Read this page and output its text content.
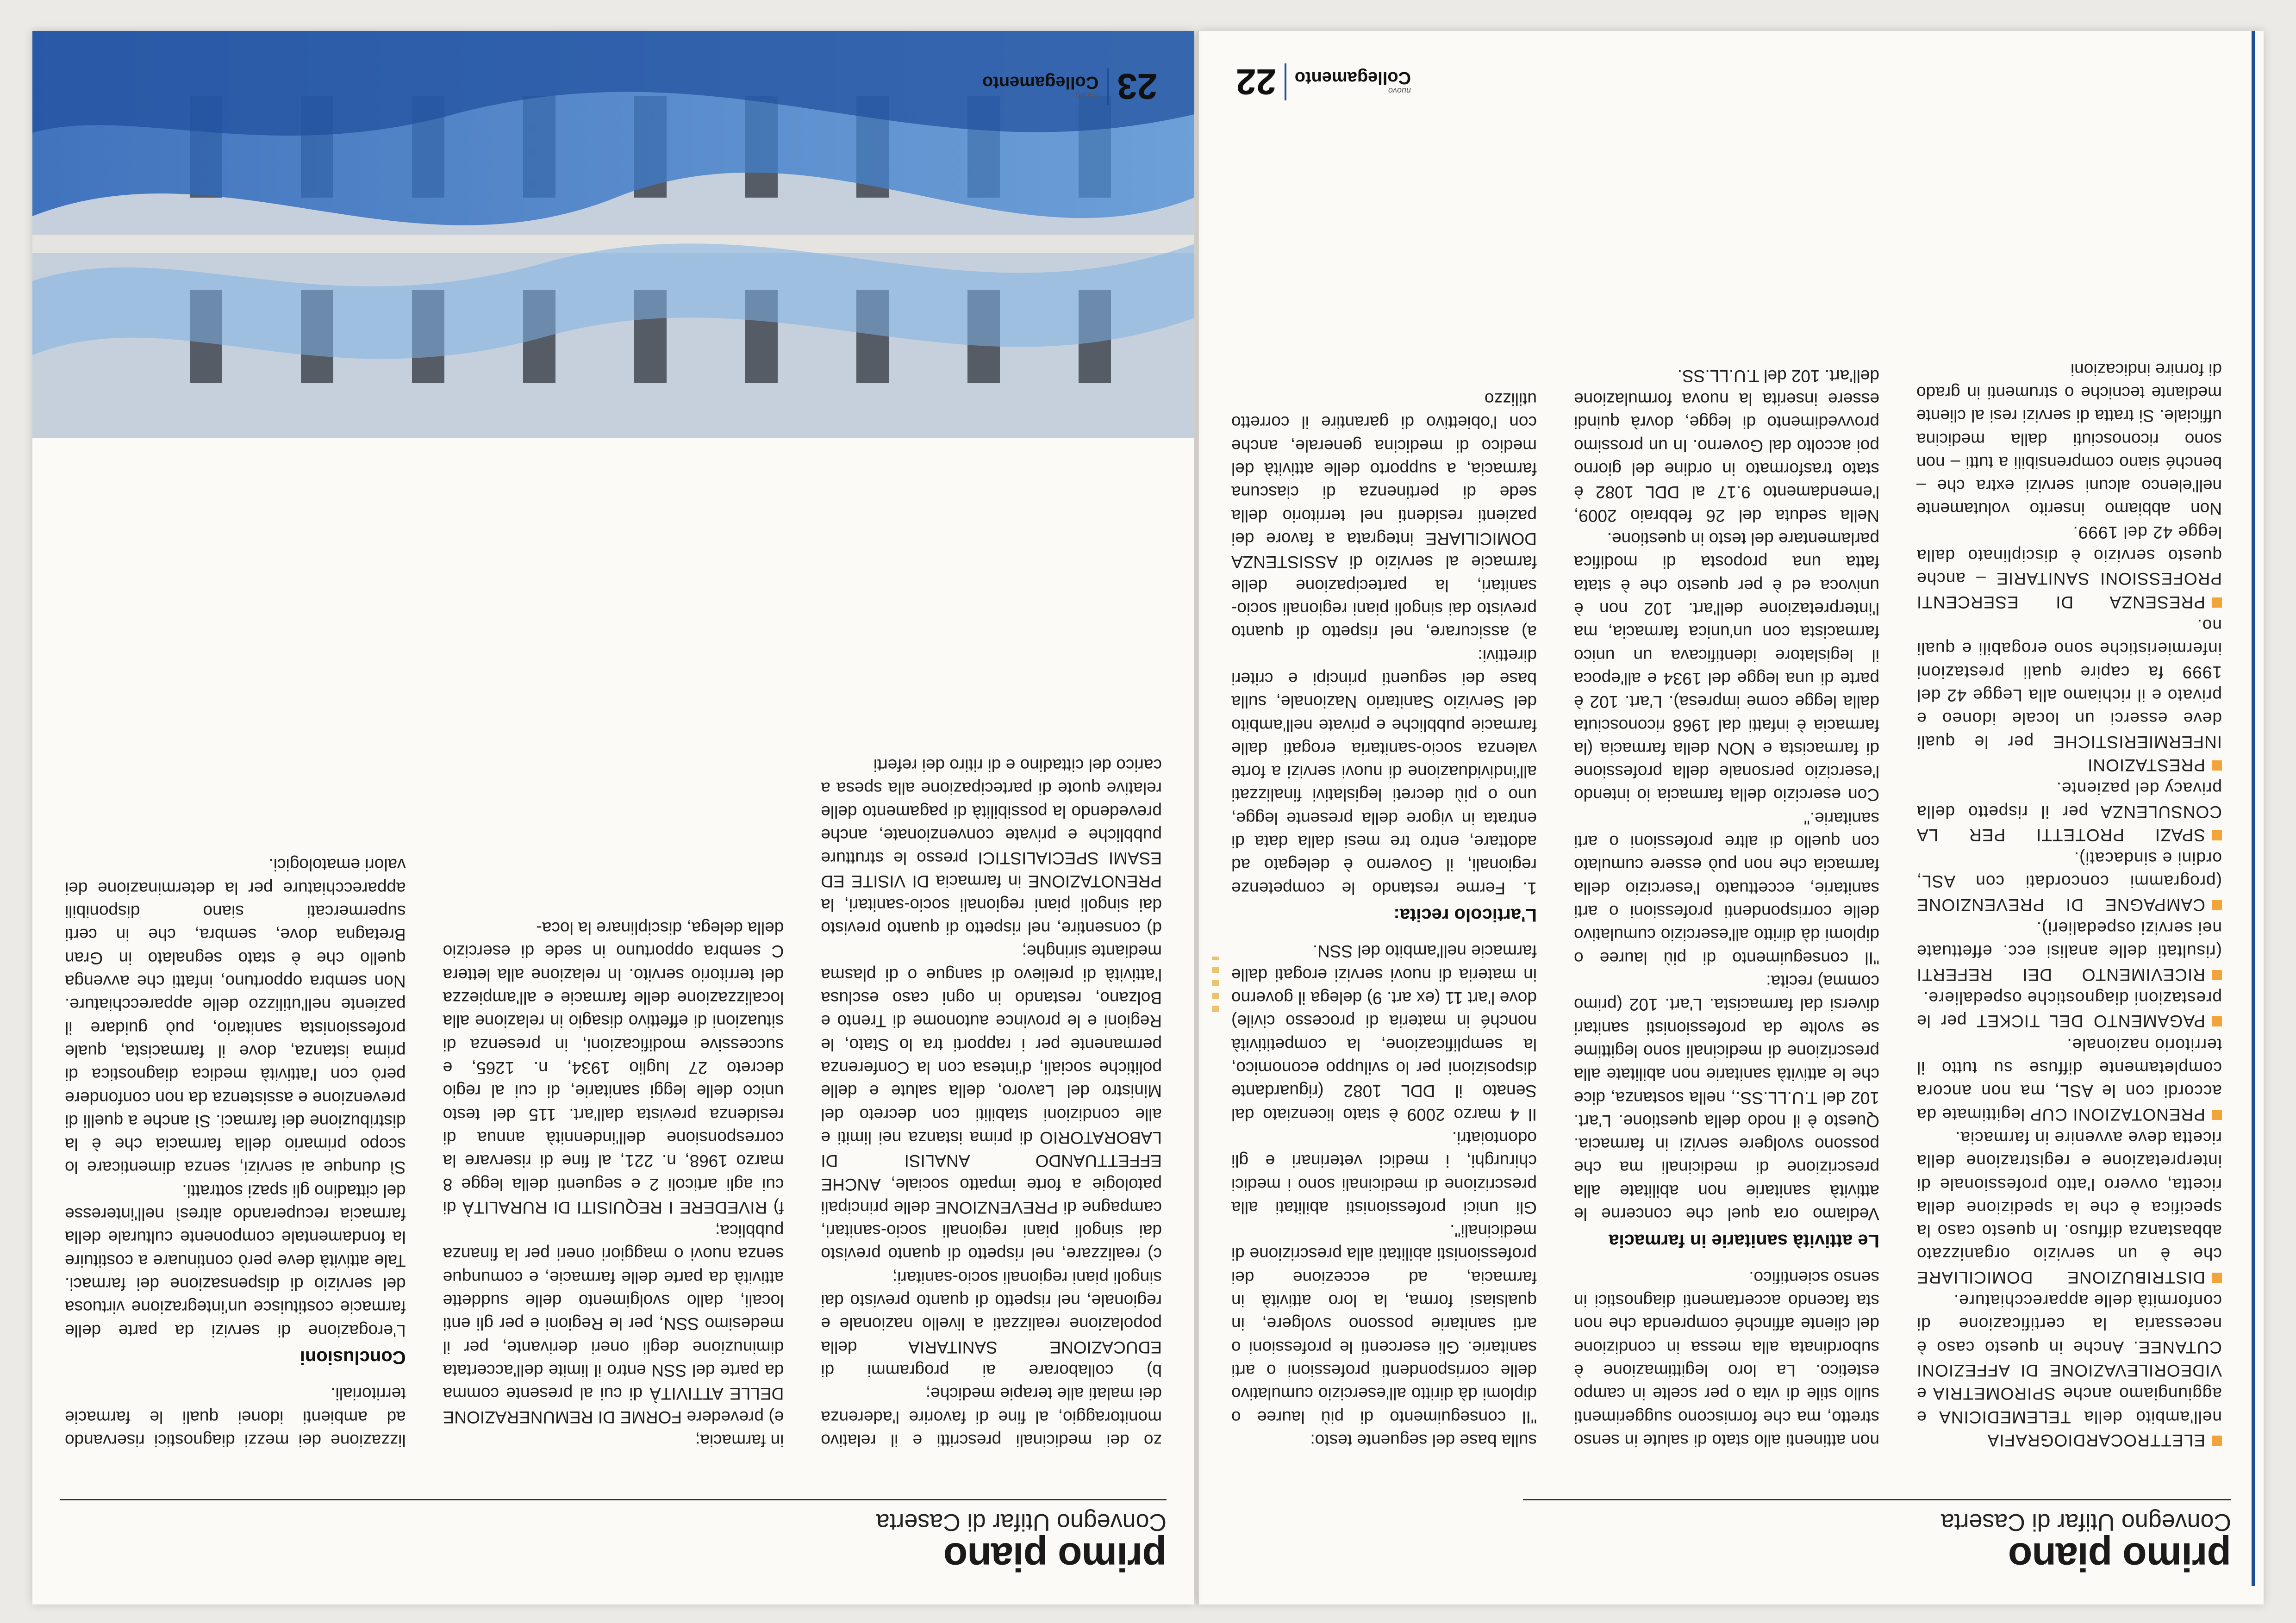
primo piano
Convegno Utifar di Caserta

ELETTROCARDIOGRAFIA nell'ambito della TELEMEDICINA e aggiungiamo anche SPIROMETRIA e VIDEORILEVAZIONE DI AFFEZIONI CUTANEE. Anche in questo caso è necessaria la certificazione di conformità delle apparecchiature.

DISTRIBUZIONE DOMICILIARE che è un servizio organizzato abbastanza diffuso. In questo caso la specifica è che la spedizione della ricetta, ovvero l'atto professionale di interpretazione e registrazione della ricetta deve avvenire in farmacia.

PRENOTAZIONI CUP legittimate da accordi con le ASL, ma non ancora completamente diffuse su tutto il territorio nazionale.

PAGAMENTO DEL TICKET per le prestazioni diagnostiche ospedaliere.

RICEVIMENTO DEI REFERTI (risultati delle analisi ecc. effettuate nei servizi ospedalieri).

CAMPAGNE DI PREVENZIONE (programmi concordati con ASL, ordini e sindacati).

SPAZI PROTETTI PER LA CONSULENZA per il rispetto della privacy del paziente.

PRESTAZIONI INFERMIERISTICHE per le quali deve esserci un locale idoneo e privato e il richiamo alla Legge 42 del 1999 fa capire quali prestazioni infermieristiche sono erogabili e quali no.

PRESENZA DI ESERCENTI PROFESSIONI SANITARIE – anche questo servizio è disciplinato dalla legge 42 del 1999.

Non abbiamo inserito volutamente nell'elenco alcuni servizi extra che – benché siano comprensibili a tutti – non sono riconosciuti dalla medicina ufficiale. Si tratta di servizi resi al cliente mediante tecniche o strumenti in grado di fornire indicazioni

non attinenti allo stato di salute in senso stretto, ma che forniscono suggerimenti sullo stile di vita o per scelte in campo estetico. La loro legittimazione è subordinata alla messa in condizione del cliente affinché comprenda che non sta facendo accertamenti diagnostici in senso scientifico.

Le attività sanitarie in farmacia

Vediamo ora quel che concerne le attività sanitarie non abilitate alla prescrizione di medicinali ma che possono svolgere servizi in farmacia. Questo è il nodo della questione. L'art. 102 del T.U.LL.SS., nella sostanza, dice che le attività sanitarie non abilitate alla prescrizione di medicinali sono legittime se svolte da professionisti sanitari diversi dal farmacista. L'art. 102 (primo comma) recita:

"Il conseguimento di più lauree o diplomi dà diritto all'esercizio cumulativo delle corrispondenti professioni o arti sanitarie, eccettuato l'esercizio della farmacia che non può essere cumulato con quello di altre professioni o arti sanitarie."

Con esercizio della farmacia io intendo l'esercizio personale della professione di farmacista e NON della farmacia (la farmacia è infatti dal 1968 riconosciuta dalla legge come impresa). L'art. 102 è parte di una legge del 1934 e all'epoca il legislatore identificava un unico farmacista con un'unica farmacia, ma l'interpretazione dell'art. 102 non è univoca ed è per questo che è stata fatta una proposta di modifica parlamentare del testo in questione.

Nella seduta del 26 febbraio 2009, l'emendamento 9.17 al DDL 1082 è stato trasformato in ordine del giorno poi accolto dal Governo. In un prossimo provvedimento di legge, dovrà quindi essere inserita la nuova formulazione dell'art. 102 del T.U.LL.SS.

sulla base del seguente testo:

"Il conseguimento di più lauree o diplomi dà diritto all'esercizio cumulativo delle corrispondenti professioni o arti sanitarie. Gli esercenti le professioni o arti sanitarie possono svolgere, in qualsiasi forma, la loro attività in farmacia, ad eccezione dei professionisti abilitati alla prescrizione di medicinali".

Gli unici professionisti abilitati alla prescrizione di medicinali sono i medici chirurghi, i medici veterinari e gli odontoiatri.

Il 4 marzo 2009 è stato licenziato dal Senato il DDL 1082 (riguardante disposizioni per lo sviluppo economico, la semplificazione, la competitività nonché in materia di processo civile) dove l'art 11 (ex art. 9) delega il governo in materia di nuovi servizi erogati dalle farmacie nell'ambito del SSN.

L'articolo recita:

1. Ferme restando le competenze regionali, il Governo è delegato ad adottare, entro tre mesi dalla data di entrata in vigore della presente legge, uno o più decreti legislativi finalizzati all'individuazione di nuovi servizi a forte valenza socio-sanitaria erogati dalle farmacie pubbliche e private nell'ambito del Servizio Sanitario Nazionale, sulla base dei seguenti principi e criteri direttivi:

a) assicurare, nel rispetto di quanto previsto dai singoli piani regionali socio-sanitari, la partecipazione delle farmacie al servizio di ASSISTENZA DOMICILIARE integrata a favore dei pazienti residenti nel territorio della sede di pertinenza di ciascuna farmacia, a supporto delle attività del medico di medicina generale, anche con l'obiettivo di garantire il corretto utilizzo

nuovo
Collegamento
22
primo piano
Convegno Utifar di Caserta

zo dei medicinali prescritti e il relativo monitoraggio, al fine di favorire l'aderenza dei malati alle terapie mediche;

b) collaborare ai programmi di EDUCAZIONE SANITARIA della popolazione realizzati a livello nazionale e regionale, nel rispetto di quanto previsto dai singoli piani regionali socio-sanitari;

c) realizzare, nel rispetto di quanto previsto dai singoli piani regionali socio-sanitari, campagne di PREVENZIONE delle principali patologie a forte impatto sociale, ANCHE EFFETTUANDO ANALISI DI LABORATORIO di prima istanza nei limiti e alle condizioni stabiliti con decreto del Ministro del Lavoro, della salute e delle politiche sociali, d'intesa con la Conferenza permanente per i rapporti tra lo Stato, le Regioni e le province autonome di Trento e Bolzano, restando in ogni caso esclusa l'attività di prelievo di sangue o di plasma mediante siringhe;

d) consentire, nel rispetto di quanto previsto dai singoli piani regionali socio-sanitari, la PRENOTAZIONE in farmacia DI VISITE ED ESAMI SPECIALISTICI presso le strutture pubbliche e private convenzionate, anche prevedendo la possibilità di pagamento delle relative quote di partecipazione alla spesa a carico del cittadino e di ritiro dei referti

in farmacia;

e) prevedere FORME DI REMUNERAZIONE DELLE ATTIVITÀ di cui al presente comma da parte del SSN entro il limite dell'accertata diminuzione degli oneri derivante, per il medesimo SSN, per le Regioni e per gli enti locali, dallo svolgimento delle suddette attività da parte delle farmacie, e comunque senza nuovi o maggiori oneri per la finanza pubblica;

f) RIVEDERE I REQUISITI DI RURALITÀ di cui agli articoli 2 e seguenti della legge 8 marzo 1968, n. 221, al fine di riservare la corresponsione dell'indennità annua di residenza prevista dall'art. 115 del testo unico delle leggi sanitarie, di cui al regio decreto 27 luglio 1934, n. 1265, e successive modificazioni, in presenza di situazioni di effettivo disagio in relazione alla localizzazione delle farmacie e all'ampiezza del territorio servito. In relazione alla lettera C sembra opportuno in sede di esercizio della delega, disciplinare la loca-

lizzazione dei mezzi diagnostici riservando ad ambienti idonei quali le farmacie territoriali.

Conclusioni

L'erogazione di servizi da parte delle farmacie costituisce un'integrazione virtuosa del servizio di dispensazione dei farmaci. Tale attività deve però continuare a costituire la fondamentale componente culturale della farmacia recuperando altresì nell'interesse del cittadino gli spazi sottratti.

Sì dunque ai servizi, senza dimenticare lo scopo primario della farmacia che è la distribuzione dei farmaci. Sì anche a quelli di prevenzione e assistenza da non confondere però con l'attività medica diagnostica di prima istanza, dove il farmacista, quale professionista sanitario, può guidare il paziente nell'utilizzo delle apparecchiature. Non sembra opportuno, infatti che avvenga quello che è stato segnalato in Gran Bretagna dove, sembra, che in certi supermercati siano disponibili apparecchiature per la determinazione dei valori ematologici.

23
nuovo
Collegamento
